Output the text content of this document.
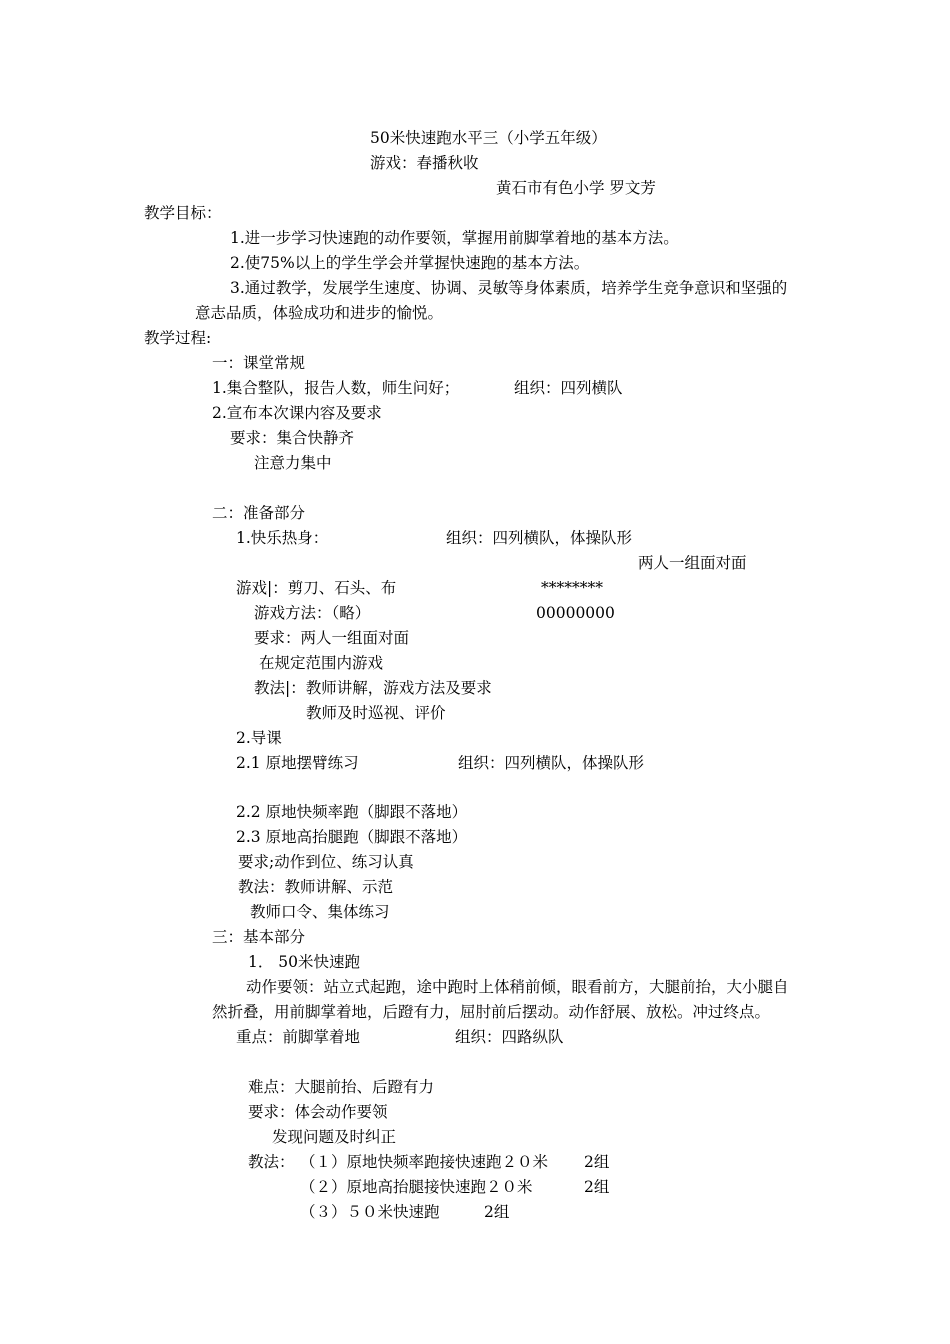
50米快速跑水平三（小学五年级）
游戏：春播秋收
黄石市有色小学 罗文芳
教学目标：
1.进一步学习快速跑的动作要领，掌握用前脚掌着地的基本方法。
2.使75%以上的学生学会并掌握快速跑的基本方法。
3.通过教学，发展学生速度、协调、灵敏等身体素质，培养学生竞争意识和坚强的
意志品质，体验成功和进步的愉悦。
教学过程:
一：课堂常规
1.集合整队，报告人数，师生问好；	组织：四列横队
2.宣布本次课内容及要求
要求：集合快静齐
注意力集中
二：准备部分
1.快乐热身：	组织：四列横队，体操队形
两人一组面对面
游戏|：剪刀、石头、布	********
游戏方法：（略）	00000000
要求：两人一组面对面
在规定范围内游戏
教法|：教师讲解，游戏方法及要求
教师及时巡视、评价
2.导课
2.1 原地摆臂练习	组织：四列横队，体操队形
2.2 原地快频率跑（脚跟不落地）
2.3 原地高抬腿跑（脚跟不落地）
要求;动作到位、练习认真
教法：教师讲解、示范
教师口令、集体练习
三：基本部分
1． 50米快速跑
动作要领：站立式起跑，途中跑时上体稍前倾，眼看前方，大腿前抬，大小腿自
然折叠，用前脚掌着地，后蹬有力，屈肘前后摆动。动作舒展、放松。冲过终点。
重点：前脚掌着地	组织：四路纵队
难点：大腿前抬、后蹬有力
要求：体会动作要领
发现问题及时纠正
教法： （１）原地快频率跑接快速跑２０米 2组
（２）原地高抬腿接快速跑２０米	2组
（３）５０米快速跑	2组
